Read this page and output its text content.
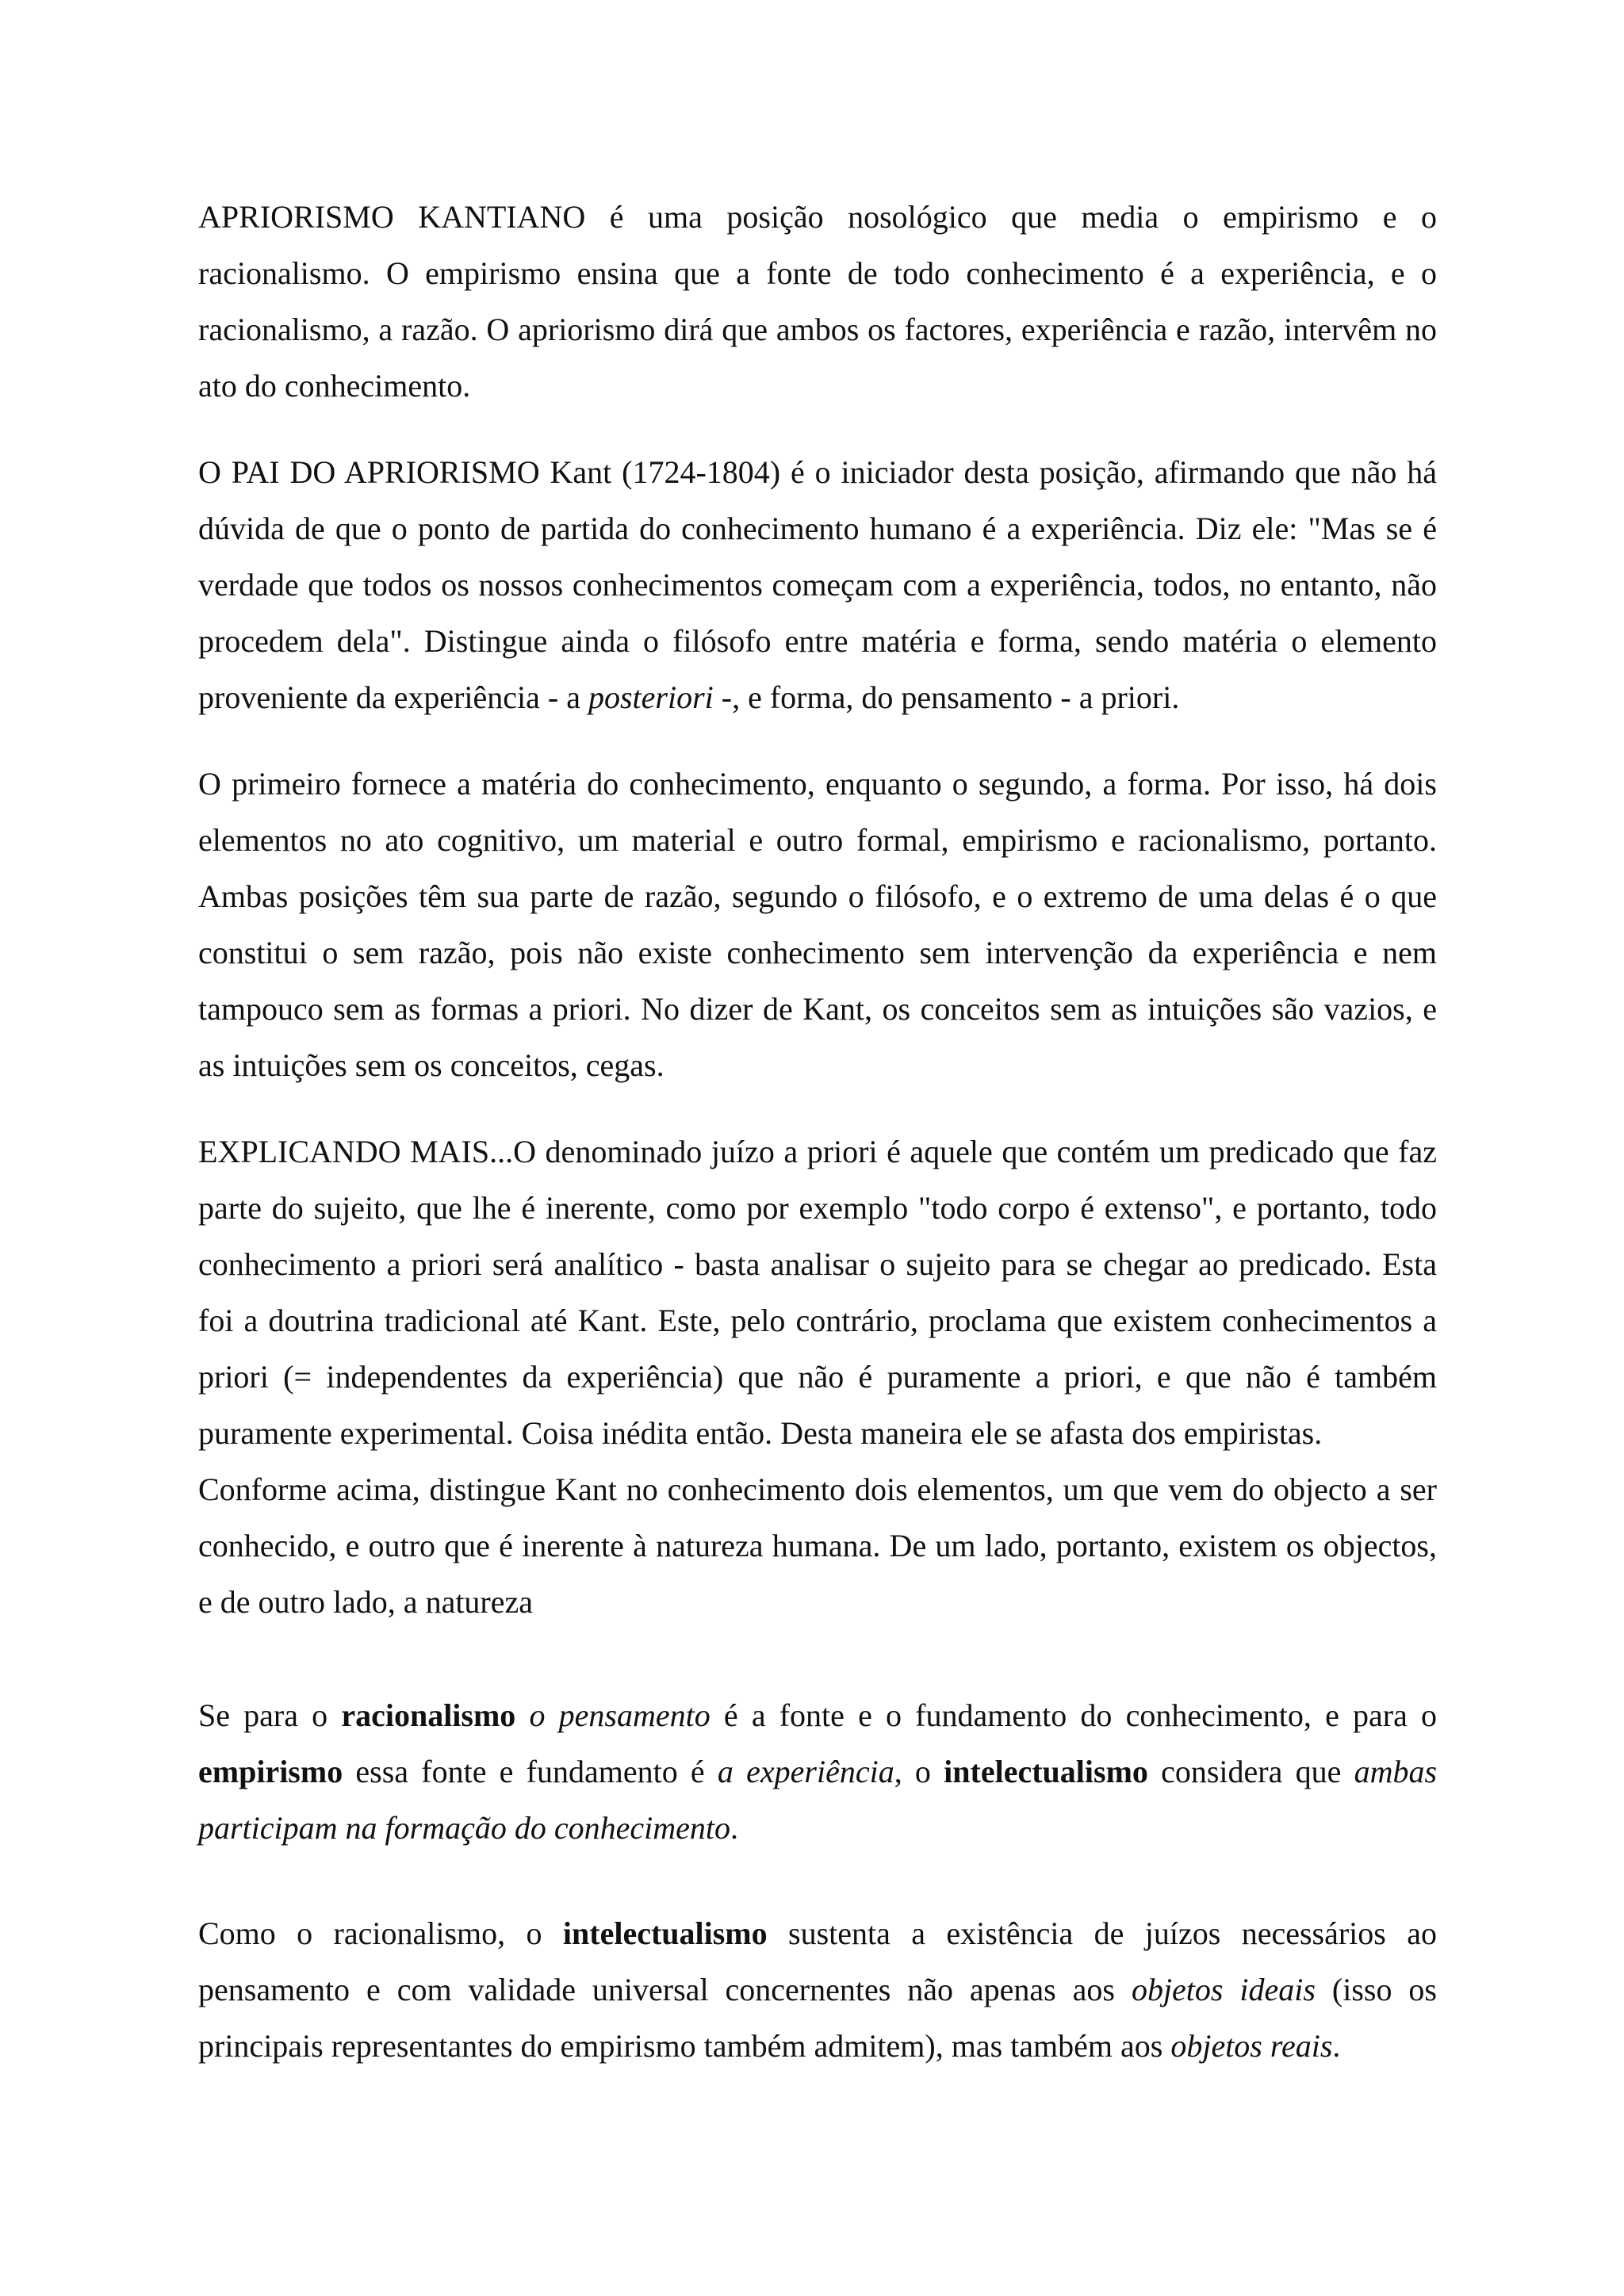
APRIORISMO KANTIANO é uma posição nosológico que media o empirismo e o racionalismo. O empirismo ensina que a fonte de todo conhecimento é a experiência, e o racionalismo, a razão. O apriorismo dirá que ambos os factores, experiência e razão, intervêm no ato do conhecimento.

O PAI DO APRIORISMO Kant (1724-1804) é o iniciador desta posição, afirmando que não há dúvida de que o ponto de partida do conhecimento humano é a experiência. Diz ele: "Mas se é verdade que todos os nossos conhecimentos começam com a experiência, todos, no entanto, não procedem dela". Distingue ainda o filósofo entre matéria e forma, sendo matéria o elemento proveniente da experiência - a posteriori -, e forma, do pensamento - a priori.

O primeiro fornece a matéria do conhecimento, enquanto o segundo, a forma. Por isso, há dois elementos no ato cognitivo, um material e outro formal, empirismo e racionalismo, portanto. Ambas posições têm sua parte de razão, segundo o filósofo, e o extremo de uma delas é o que constitui o sem razão, pois não existe conhecimento sem intervenção da experiência e nem tampouco sem as formas a priori. No dizer de Kant, os conceitos sem as intuições são vazios, e as intuições sem os conceitos, cegas.

EXPLICANDO MAIS...O denominado juízo a priori é aquele que contém um predicado que faz parte do sujeito, que lhe é inerente, como por exemplo "todo corpo é extenso", e portanto, todo conhecimento a priori será analítico - basta analisar o sujeito para se chegar ao predicado. Esta foi a doutrina tradicional até Kant. Este, pelo contrário, proclama que existem conhecimentos a priori (= independentes da experiência) que não é puramente a priori, e que não é também puramente experimental. Coisa inédita então. Desta maneira ele se afasta dos empiristas.

Conforme acima, distingue Kant no conhecimento dois elementos, um que vem do objecto a ser conhecido, e outro que é inerente à natureza humana. De um lado, portanto, existem os objectos, e de outro lado, a natureza

Se para o racionalismo o pensamento é a fonte e o fundamento do conhecimento, e para o empirismo essa fonte e fundamento é a experiência, o intelectualismo considera que ambas participam na formação do conhecimento.

Como o racionalismo, o intelectualismo sustenta a existência de juízos necessários ao pensamento e com validade universal concernentes não apenas aos objetos ideais (isso os principais representantes do empirismo também admitem), mas também aos objetos reais.
